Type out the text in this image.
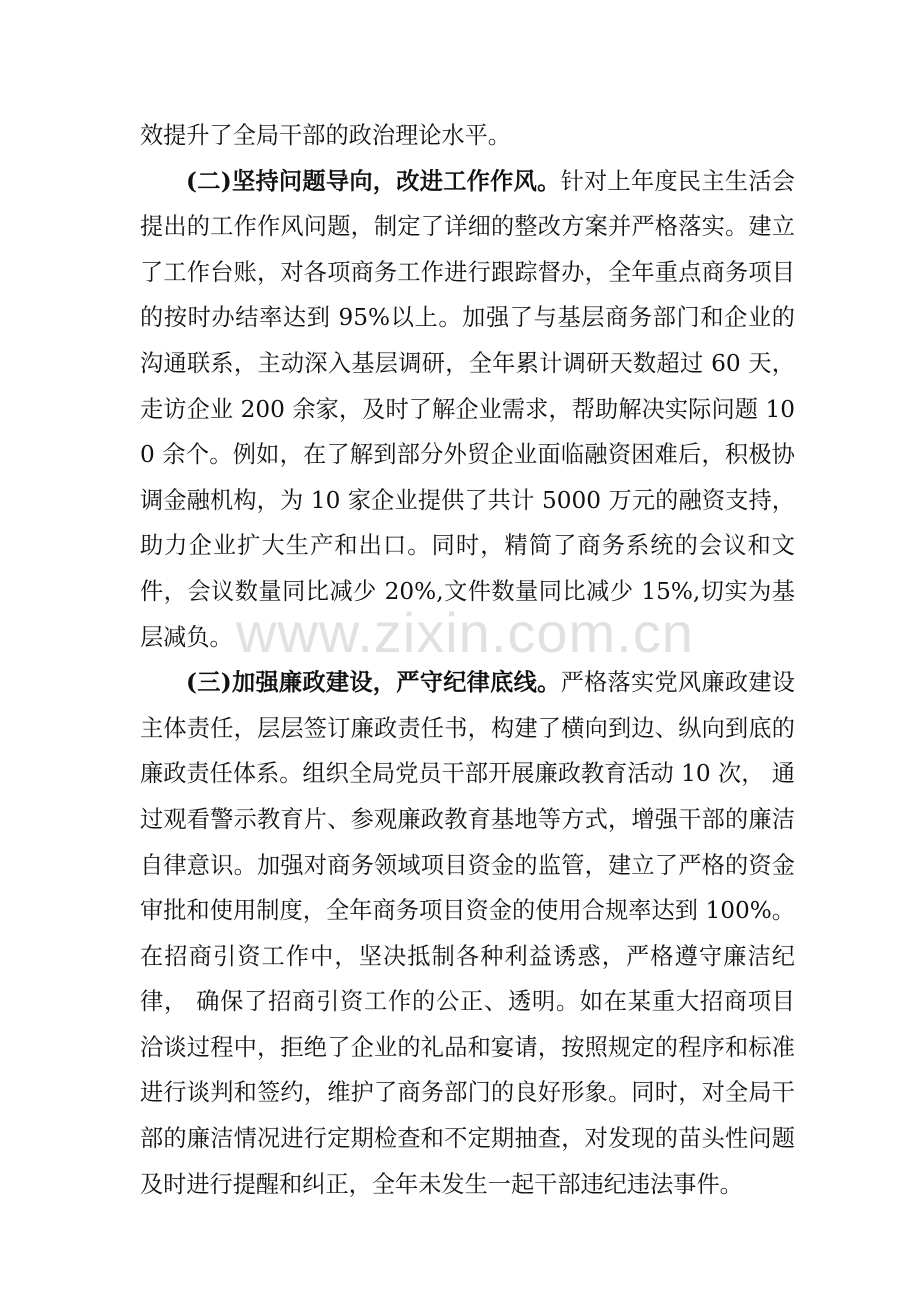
效提升了全局干部的政治理论水平。

(二)坚持问题导向，改进工作作风。针对上年度民主生活会提出的工作作风问题，制定了详细的整改方案并严格落实。建立了工作台账，对各项商务工作进行跟踪督办，全年重点商务项目的按时办结率达到 95%以上。加强了与基层商务部门和企业的沟通联系，主动深入基层调研，全年累计调研天数超过 60 天， 走访企业 200 余家，及时了解企业需求，帮助解决实际问题 100 余个。例如，在了解到部分外贸企业面临融资困难后，积极协调金融机构，为 10 家企业提供了共计 5000 万元的融资支持，助力企业扩大生产和出口。同时，精简了商务系统的会议和文件，会议数量同比减少 20%,文件数量同比减少 15%,切实为基层减负。

(三)加强廉政建设，严守纪律底线。严格落实党风廉政建设主体责任，层层签订廉政责任书，构建了横向到边、纵向到底的廉政责任体系。组织全局党员干部开展廉政教育活动 10 次， 通过观看警示教育片、参观廉政教育基地等方式，增强干部的廉洁自律意识。加强对商务领域项目资金的监管，建立了严格的资金审批和使用制度，全年商务项目资金的使用合规率达到 100%。 在招商引资工作中，坚决抵制各种利益诱惑，严格遵守廉洁纪律， 确保了招商引资工作的公正、透明。如在某重大招商项目洽谈过程中，拒绝了企业的礼品和宴请，按照规定的程序和标准进行谈判和签约，维护了商务部门的良好形象。同时，对全局干部的廉洁情况进行定期检查和不定期抽查，对发现的苗头性问题及时进行提醒和纠正，全年未发生一起干部违纪违法事件。

www.zixin.com.cn
